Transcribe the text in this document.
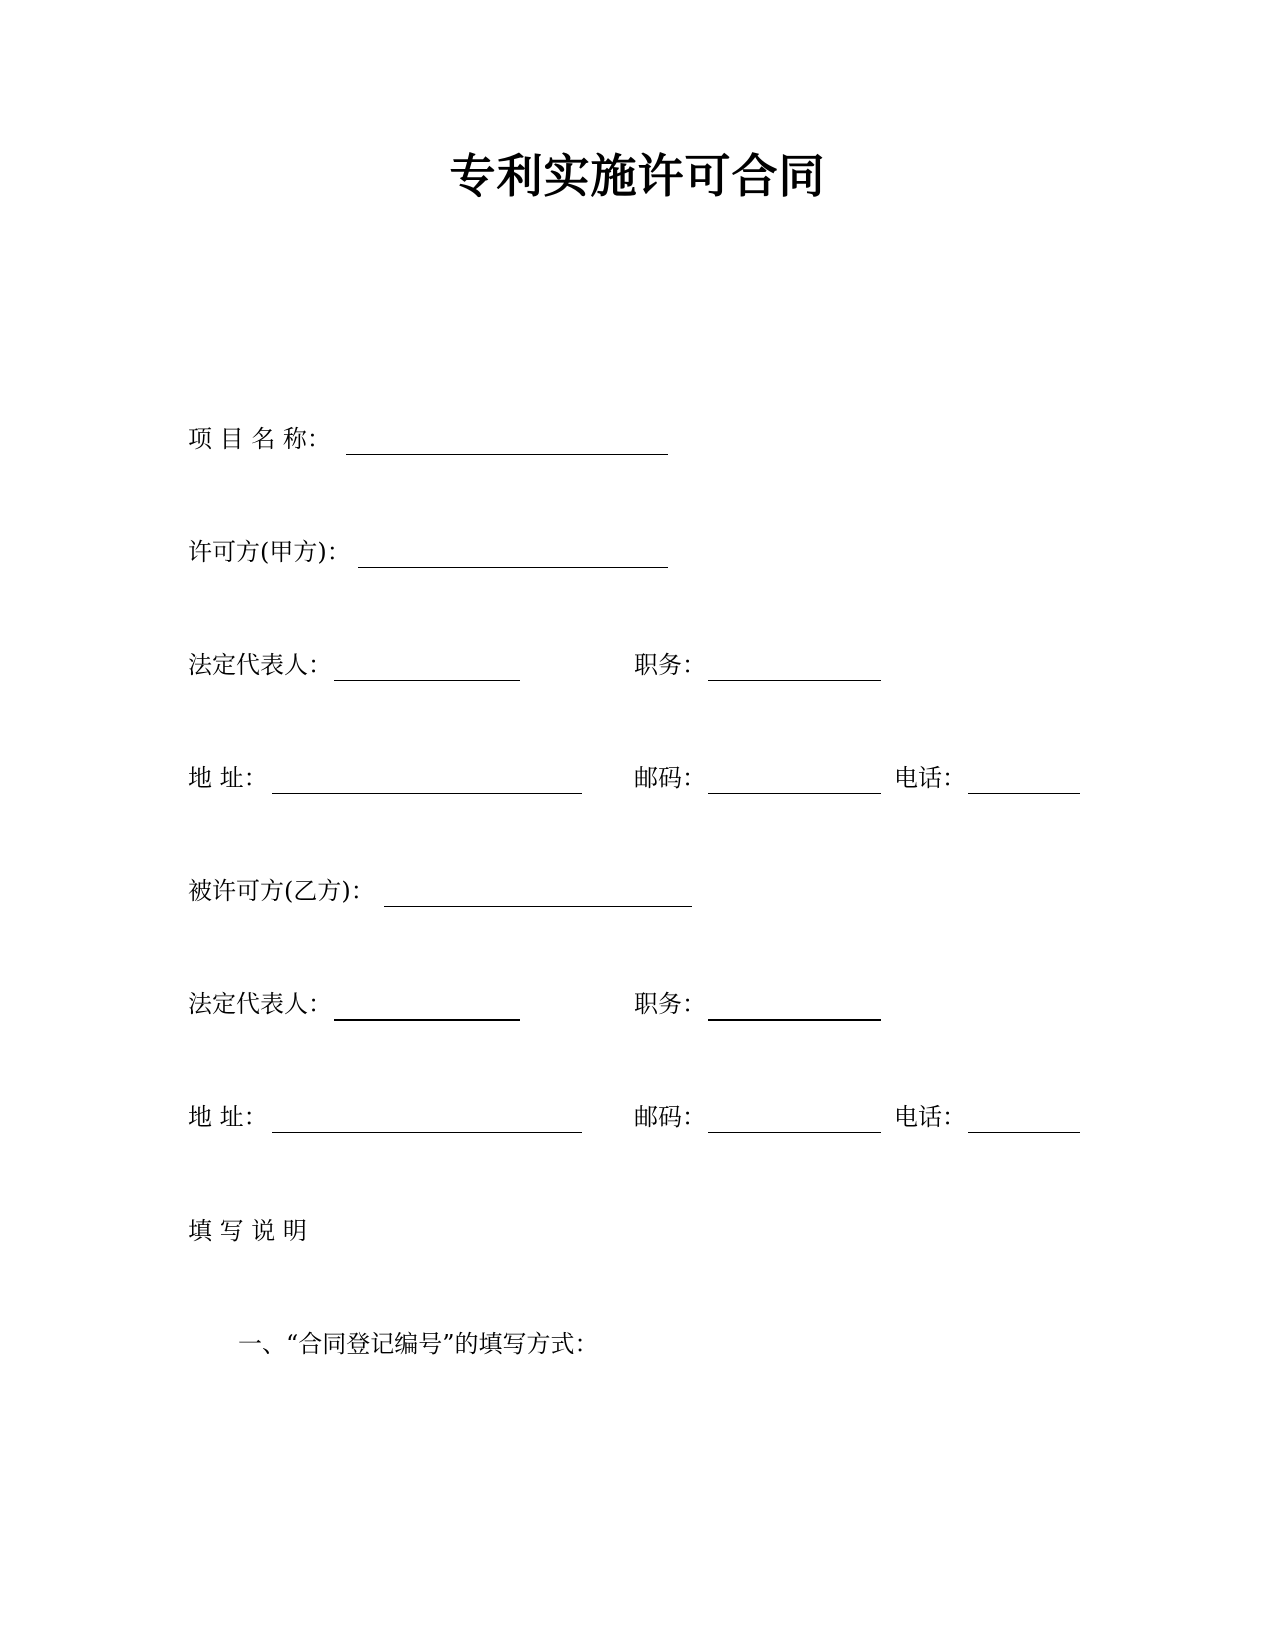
专利实施许可合同
项 目 名 称：
许可方(甲方)：
法定代表人：	职务：
地 址：	邮码：	电话：
被许可方(乙方)：
法定代表人：	职务：
地 址：	邮码：	电话：
填 写 说 明
一、“合同登记编号”的填写方式：
